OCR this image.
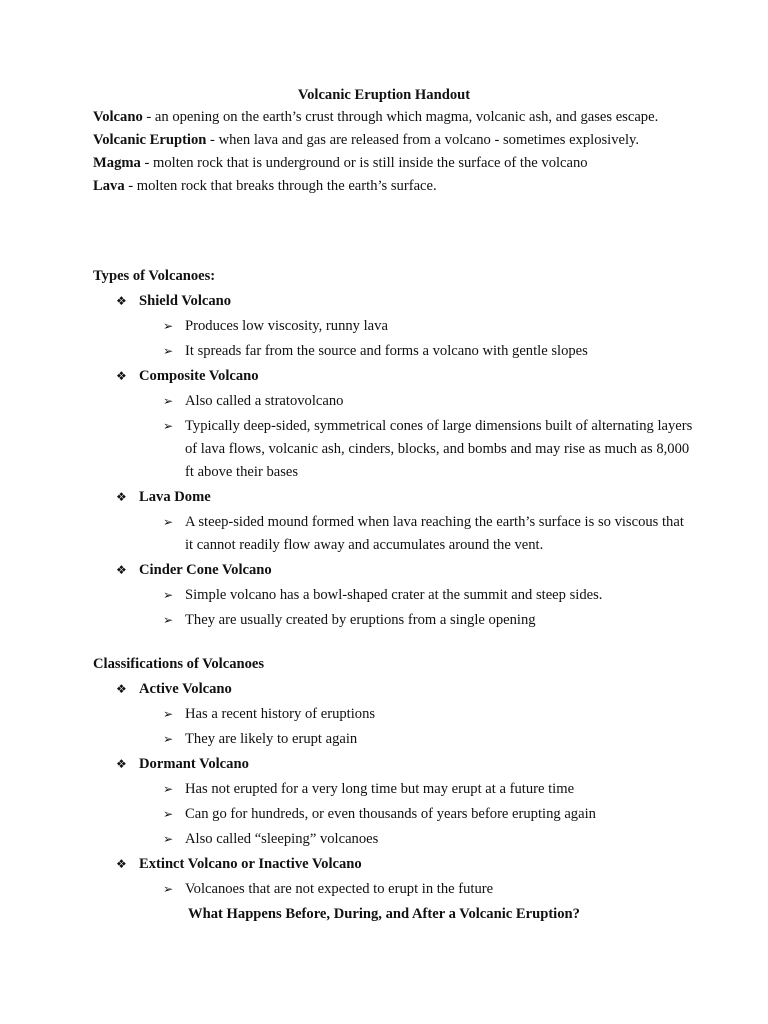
Volcanic Eruption Handout

Volcano - an opening on the earth’s crust through which magma, volcanic ash, and gases escape.

Volcanic Eruption - when lava and gas are released from a volcano - sometimes explosively.

Magma - molten rock that is underground or is still inside the surface of the volcano

Lava - molten rock that breaks through the earth’s surface.

Types of Volcanoes:
❖ Shield Volcano
➢ Produces low viscosity, runny lava
➢ It spreads far from the source and forms a volcano with gentle slopes
❖ Composite Volcano
➢ Also called a stratovolcano
➢ Typically deep-sided, symmetrical cones of large dimensions built of alternating layers of lava flows, volcanic ash, cinders, blocks, and bombs and may rise as much as 8,000 ft above their bases
❖ Lava Dome
➢ A steep-sided mound formed when lava reaching the earth’s surface is so viscous that it cannot readily flow away and accumulates around the vent.
❖ Cinder Cone Volcano
➢ Simple volcano has a bowl-shaped crater at the summit and steep sides.
➢ They are usually created by eruptions from a single opening
Classifications of Volcanoes
❖ Active Volcano
➢ Has a recent history of eruptions
➢ They are likely to erupt again
❖ Dormant Volcano
➢ Has not erupted for a very long time but may erupt at a future time
➢ Can go for hundreds, or even thousands of years before erupting again
➢ Also called “sleeping” volcanoes
❖ Extinct Volcano or Inactive Volcano
➢ Volcanoes that are not expected to erupt in the future
What Happens Before, During, and After a Volcanic Eruption?
